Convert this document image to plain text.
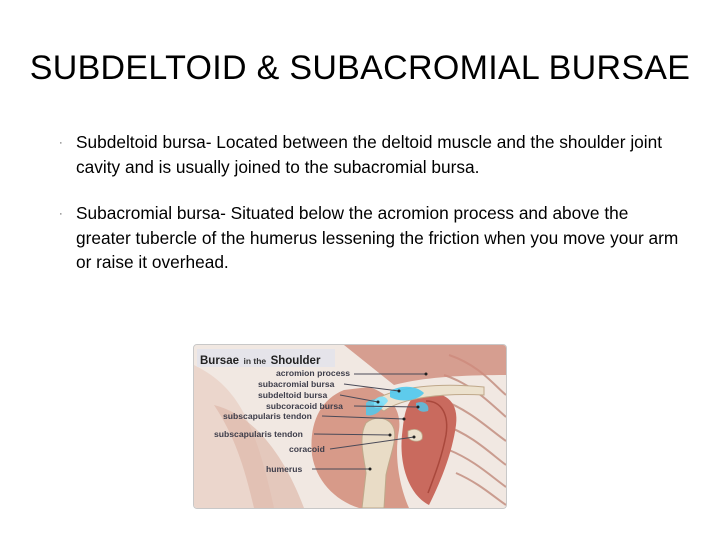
SUBDELTOID & SUBACROMIAL BURSAE
· Subdeltoid bursa- Located between the deltoid muscle and the shoulder joint cavity and is usually joined to the subacromial bursa.
· Subacromial bursa- Situated below the acromion process and above the greater tubercle of the humerus lessening the friction when you move your arm or raise it overhead.
Bursae in the Shoulder
acromion process
subacromial bursa
subdeltoid bursa
subcoracoid bursa
subscapularis tendon
subscapularis tendon
coracoid
humerus
